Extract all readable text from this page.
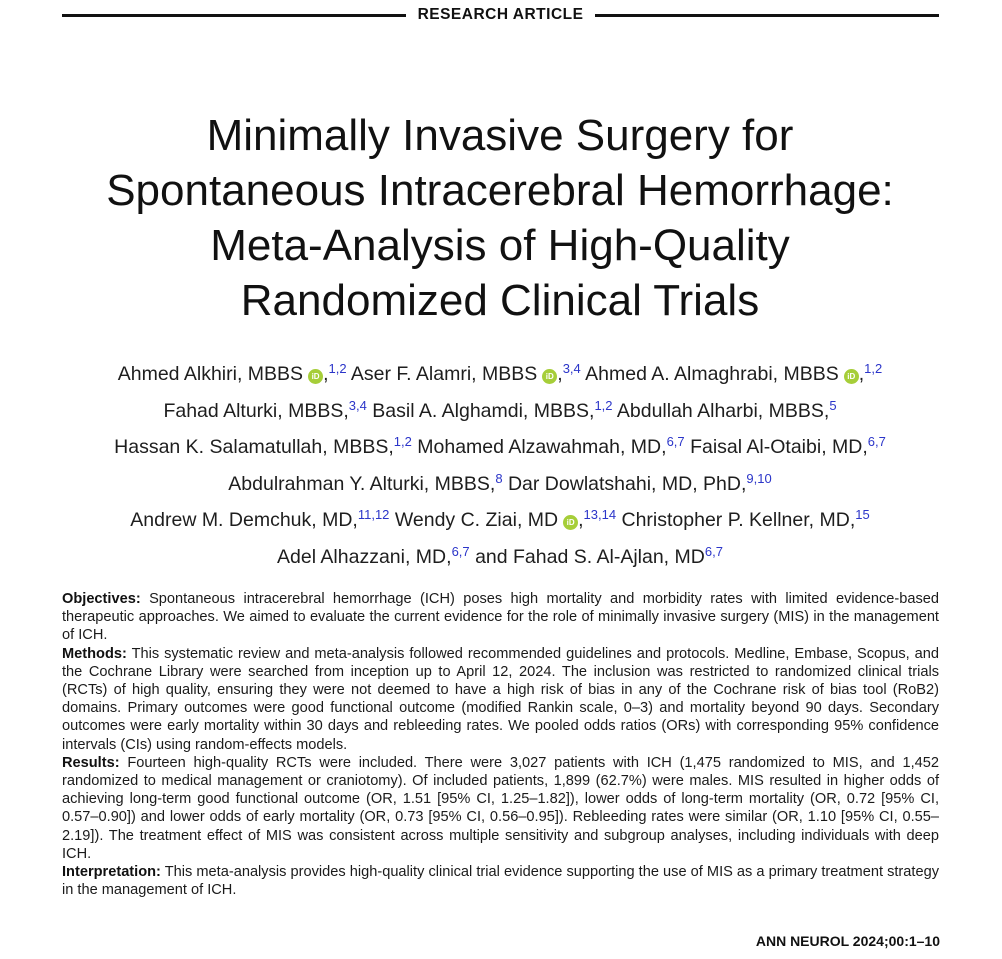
RESEARCH ARTICLE
Minimally Invasive Surgery for
Spontaneous Intracerebral Hemorrhage:
Meta-Analysis of High-Quality
Randomized Clinical Trials
Ahmed Alkhiri, MBBS iD ,$^{1,2}$ Aser F. Alamri, MBBS iD ,$^{3,4}$ Ahmed A. Almaghrabi, MBBS iD ,$^{1,2}$
Fahad Alturki, MBBS,$^{3,4}$ Basil A. Alghamdi, MBBS,$^{1,2}$ Abdullah Alharbi, MBBS,$^5$
Hassan K. Salamatullah, MBBS,$^{1,2}$ Mohamed Alzawahmah, MD,$^{6,7}$ Faisal Al-Otaibi, MD,$^{6,7}$
Abdulrahman Y. Alturki, MBBS,$^8$ Dar Dowlatshahi, MD, PhD,$^{9,10}$
Andrew M. Demchuk, MD,$^{11,12}$ Wendy C. Ziai, MD iD ,$^{13,14}$ Christopher P. Kellner, MD,$^{15}$
Adel Alhazzani, MD,$^{6,7}$ and Fahad S. Al-Ajlan, MD$^{6,7}$

Objectives: Spontaneous intracerebral hemorrhage (ICH) poses high mortality and morbidity rates with limited evidence-based therapeutic approaches. We aimed to evaluate the current evidence for the role of minimally invasive surgery (MIS) in the management of ICH.

Methods: This systematic review and meta-analysis followed recommended guidelines and protocols. Medline, Embase, Scopus, and the Cochrane Library were searched from inception up to April 12, 2024. The inclusion was restricted to randomized clinical trials (RCTs) of high quality, ensuring they were not deemed to have a high risk of bias in any of the Cochrane risk of bias tool (RoB2) domains. Primary outcomes were good functional outcome (modified Rankin scale, 0–3) and mortality beyond 90 days. Secondary outcomes were early mortality within 30 days and rebleeding rates. We pooled odds ratios (ORs) with corresponding 95% confidence intervals (CIs) using random-effects models.

Results: Fourteen high-quality RCTs were included. There were 3,027 patients with ICH (1,475 randomized to MIS, and 1,452 randomized to medical management or craniotomy). Of included patients, 1,899 (62.7%) were males. MIS resulted in higher odds of achieving long-term good functional outcome (OR, 1.51 [95% CI, 1.25–1.82]), lower odds of long-term mortality (OR, 0.72 [95% CI, 0.57–0.90]) and lower odds of early mortality (OR, 0.73 [95% CI, 0.56–0.95]). Rebleeding rates were similar (OR, 1.10 [95% CI, 0.55–2.19]). The treatment effect of MIS was consistent across multiple sensitivity and subgroup analyses, including individuals with deep ICH.

Interpretation: This meta-analysis provides high-quality clinical trial evidence supporting the use of MIS as a primary treatment strategy in the management of ICH.

ANN NEUROL 2024;00:1–10
